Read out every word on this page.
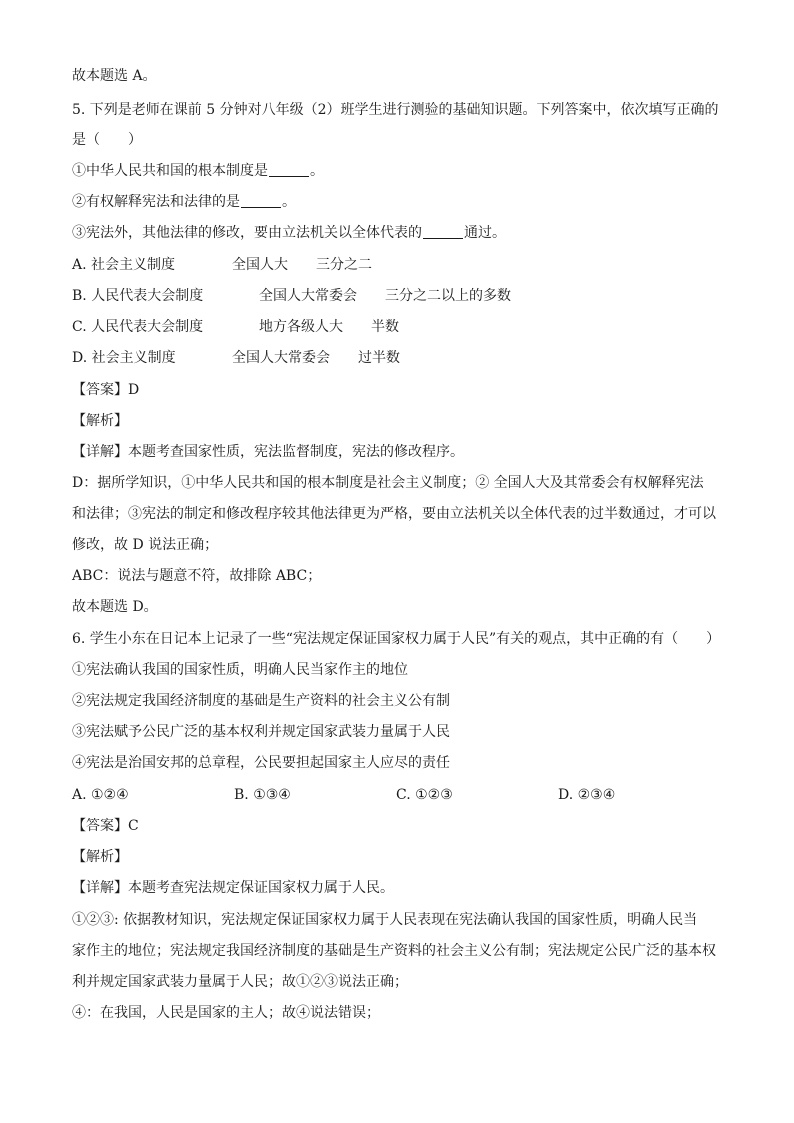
故本题选 A。
5. 下列是老师在课前 5 分钟对八年级（2）班学生进行测验的基础知识题。下列答案中，依次填写正确的
是（　　）
①中华人民共和国的根本制度是	。
②有权解释宪法和法律的是	。
③宪法外，其他法律的修改，要由立法机关以全体代表的	通过。
A. 社会主义制度	全国人大 三分之二
B. 人民代表大会制度	全国人大常委会 三分之二以上的多数
C. 人民代表大会制度	地方各级人大 半数
D. 社会主义制度	全国人大常委会 过半数
【答案】D
【解析】
【详解】本题考查国家性质，宪法监督制度，宪法的修改程序。
D：据所学知识，①中华人民共和国的根本制度是社会主义制度；② 全国人大及其常委会有权解释宪法
和法律；③宪法的制定和修改程序较其他法律更为严格，要由立法机关以全体代表的过半数通过，才可以
修改，故 D 说法正确；
ABC：说法与题意不符，故排除 ABC；
故本题选 D。
6. 学生小东在日记本上记录了一些“宪法规定保证国家权力属于人民”有关的观点，其中正确的有（　　）
①宪法确认我国的国家性质，明确人民当家作主的地位
②宪法规定我国经济制度的基础是生产资料的社会主义公有制
③宪法赋予公民广泛的基本权利并规定国家武装力量属于人民
④宪法是治国安邦的总章程，公民要担起国家主人应尽的责任
A. ①②④	B. ①③④	C. ①②③	D. ②③④
【答案】C
【解析】
【详解】本题考查宪法规定保证国家权力属于人民。
①②③: 依据教材知识，宪法规定保证国家权力属于人民表现在宪法确认我国的国家性质，明确人民当
家作主的地位；宪法规定我国经济制度的基础是生产资料的社会主义公有制；宪法规定公民广泛的基本权
利并规定国家武装力量属于人民；故①②③说法正确；
④：在我国，人民是国家的主人；故④说法错误；
